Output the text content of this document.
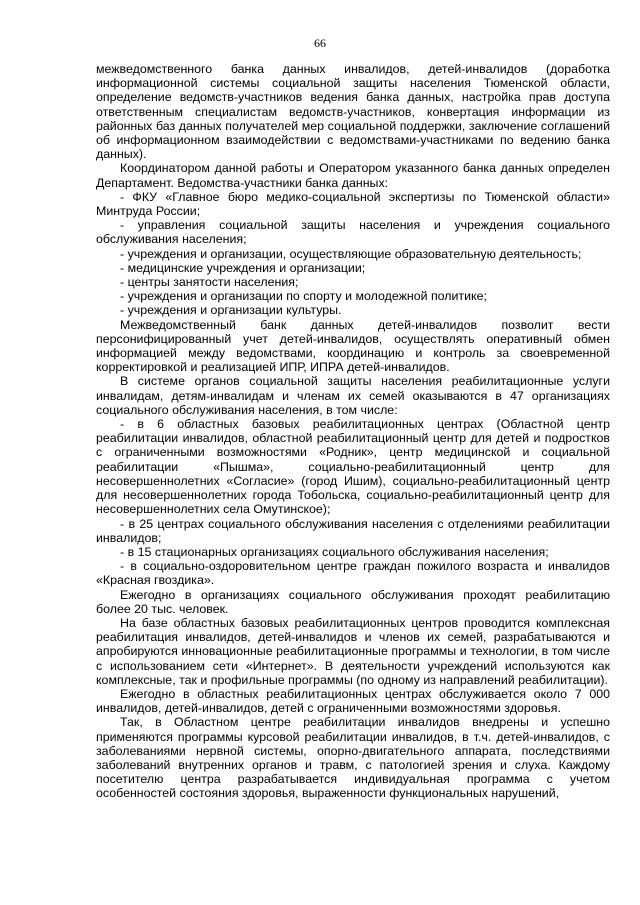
66

межведомственного банка данных инвалидов, детей-инвалидов (доработка информационной системы социальной защиты населения Тюменской области, определение ведомств-участников ведения банка данных, настройка прав доступа ответственным специалистам ведомств-участников, конвертация информации из районных баз данных получателей мер социальной поддержки, заключение соглашений об информационном взаимодействии с ведомствами-участниками по ведению банка данных).

Координатором данной работы и Оператором указанного банка данных определен Департамент. Ведомства-участники банка данных:

- ФКУ «Главное бюро медико-социальной экспертизы по Тюменской области» Минтруда России;

- управления социальной защиты населения и учреждения социального обслуживания населения;

- учреждения и организации, осуществляющие образовательную деятельность;

- медицинские учреждения и организации;

- центры занятости населения;

- учреждения и организации по спорту и молодежной политике;

- учреждения и организации культуры.

Межведомственный банк данных детей-инвалидов позволит вести персонифицированный учет детей-инвалидов, осуществлять оперативный обмен информацией между ведомствами, координацию и контроль за своевременной корректировкой и реализацией ИПР, ИПРА детей-инвалидов.

В системе органов социальной защиты населения реабилитационные услуги инвалидам, детям-инвалидам и членам их семей оказываются в 47 организациях социального обслуживания населения, в том числе:

- в 6 областных базовых реабилитационных центрах (Областной центр реабилитации инвалидов, областной реабилитационный центр для детей и подростков с ограниченными возможностями «Родник», центр медицинской и социальной реабилитации «Пышма», социально-реабилитационный центр для несовершеннолетних «Согласие» (город Ишим), социально-реабилитационный центр для несовершеннолетних города Тобольска, социально-реабилитационный центр для несовершеннолетних села Омутинское);

- в 25 центрах социального обслуживания населения с отделениями реабилитации инвалидов;

- в 15 стационарных организациях социального обслуживания населения;

- в социально-оздоровительном центре граждан пожилого возраста и инвалидов «Красная гвоздика».

Ежегодно в организациях социального обслуживания проходят реабилитацию более 20 тыс. человек.

На базе областных базовых реабилитационных центров проводится комплексная реабилитация инвалидов, детей-инвалидов и членов их семей, разрабатываются и апробируются инновационные реабилитационные программы и технологии, в том числе с использованием сети «Интернет». В деятельности учреждений используются как комплексные, так и профильные программы (по одному из направлений реабилитации).

Ежегодно в областных реабилитационных центрах обслуживается около 7 000 инвалидов, детей-инвалидов, детей с ограниченными возможностями здоровья.

Так, в Областном центре реабилитации инвалидов внедрены и успешно применяются программы курсовой реабилитации инвалидов, в т.ч. детей-инвалидов, с заболеваниями нервной системы, опорно-двигательного аппарата, последствиями заболеваний внутренних органов и травм, с патологией зрения и слуха. Каждому посетителю центра разрабатывается индивидуальная программа с учетом особенностей состояния здоровья, выраженности функциональных нарушений,
